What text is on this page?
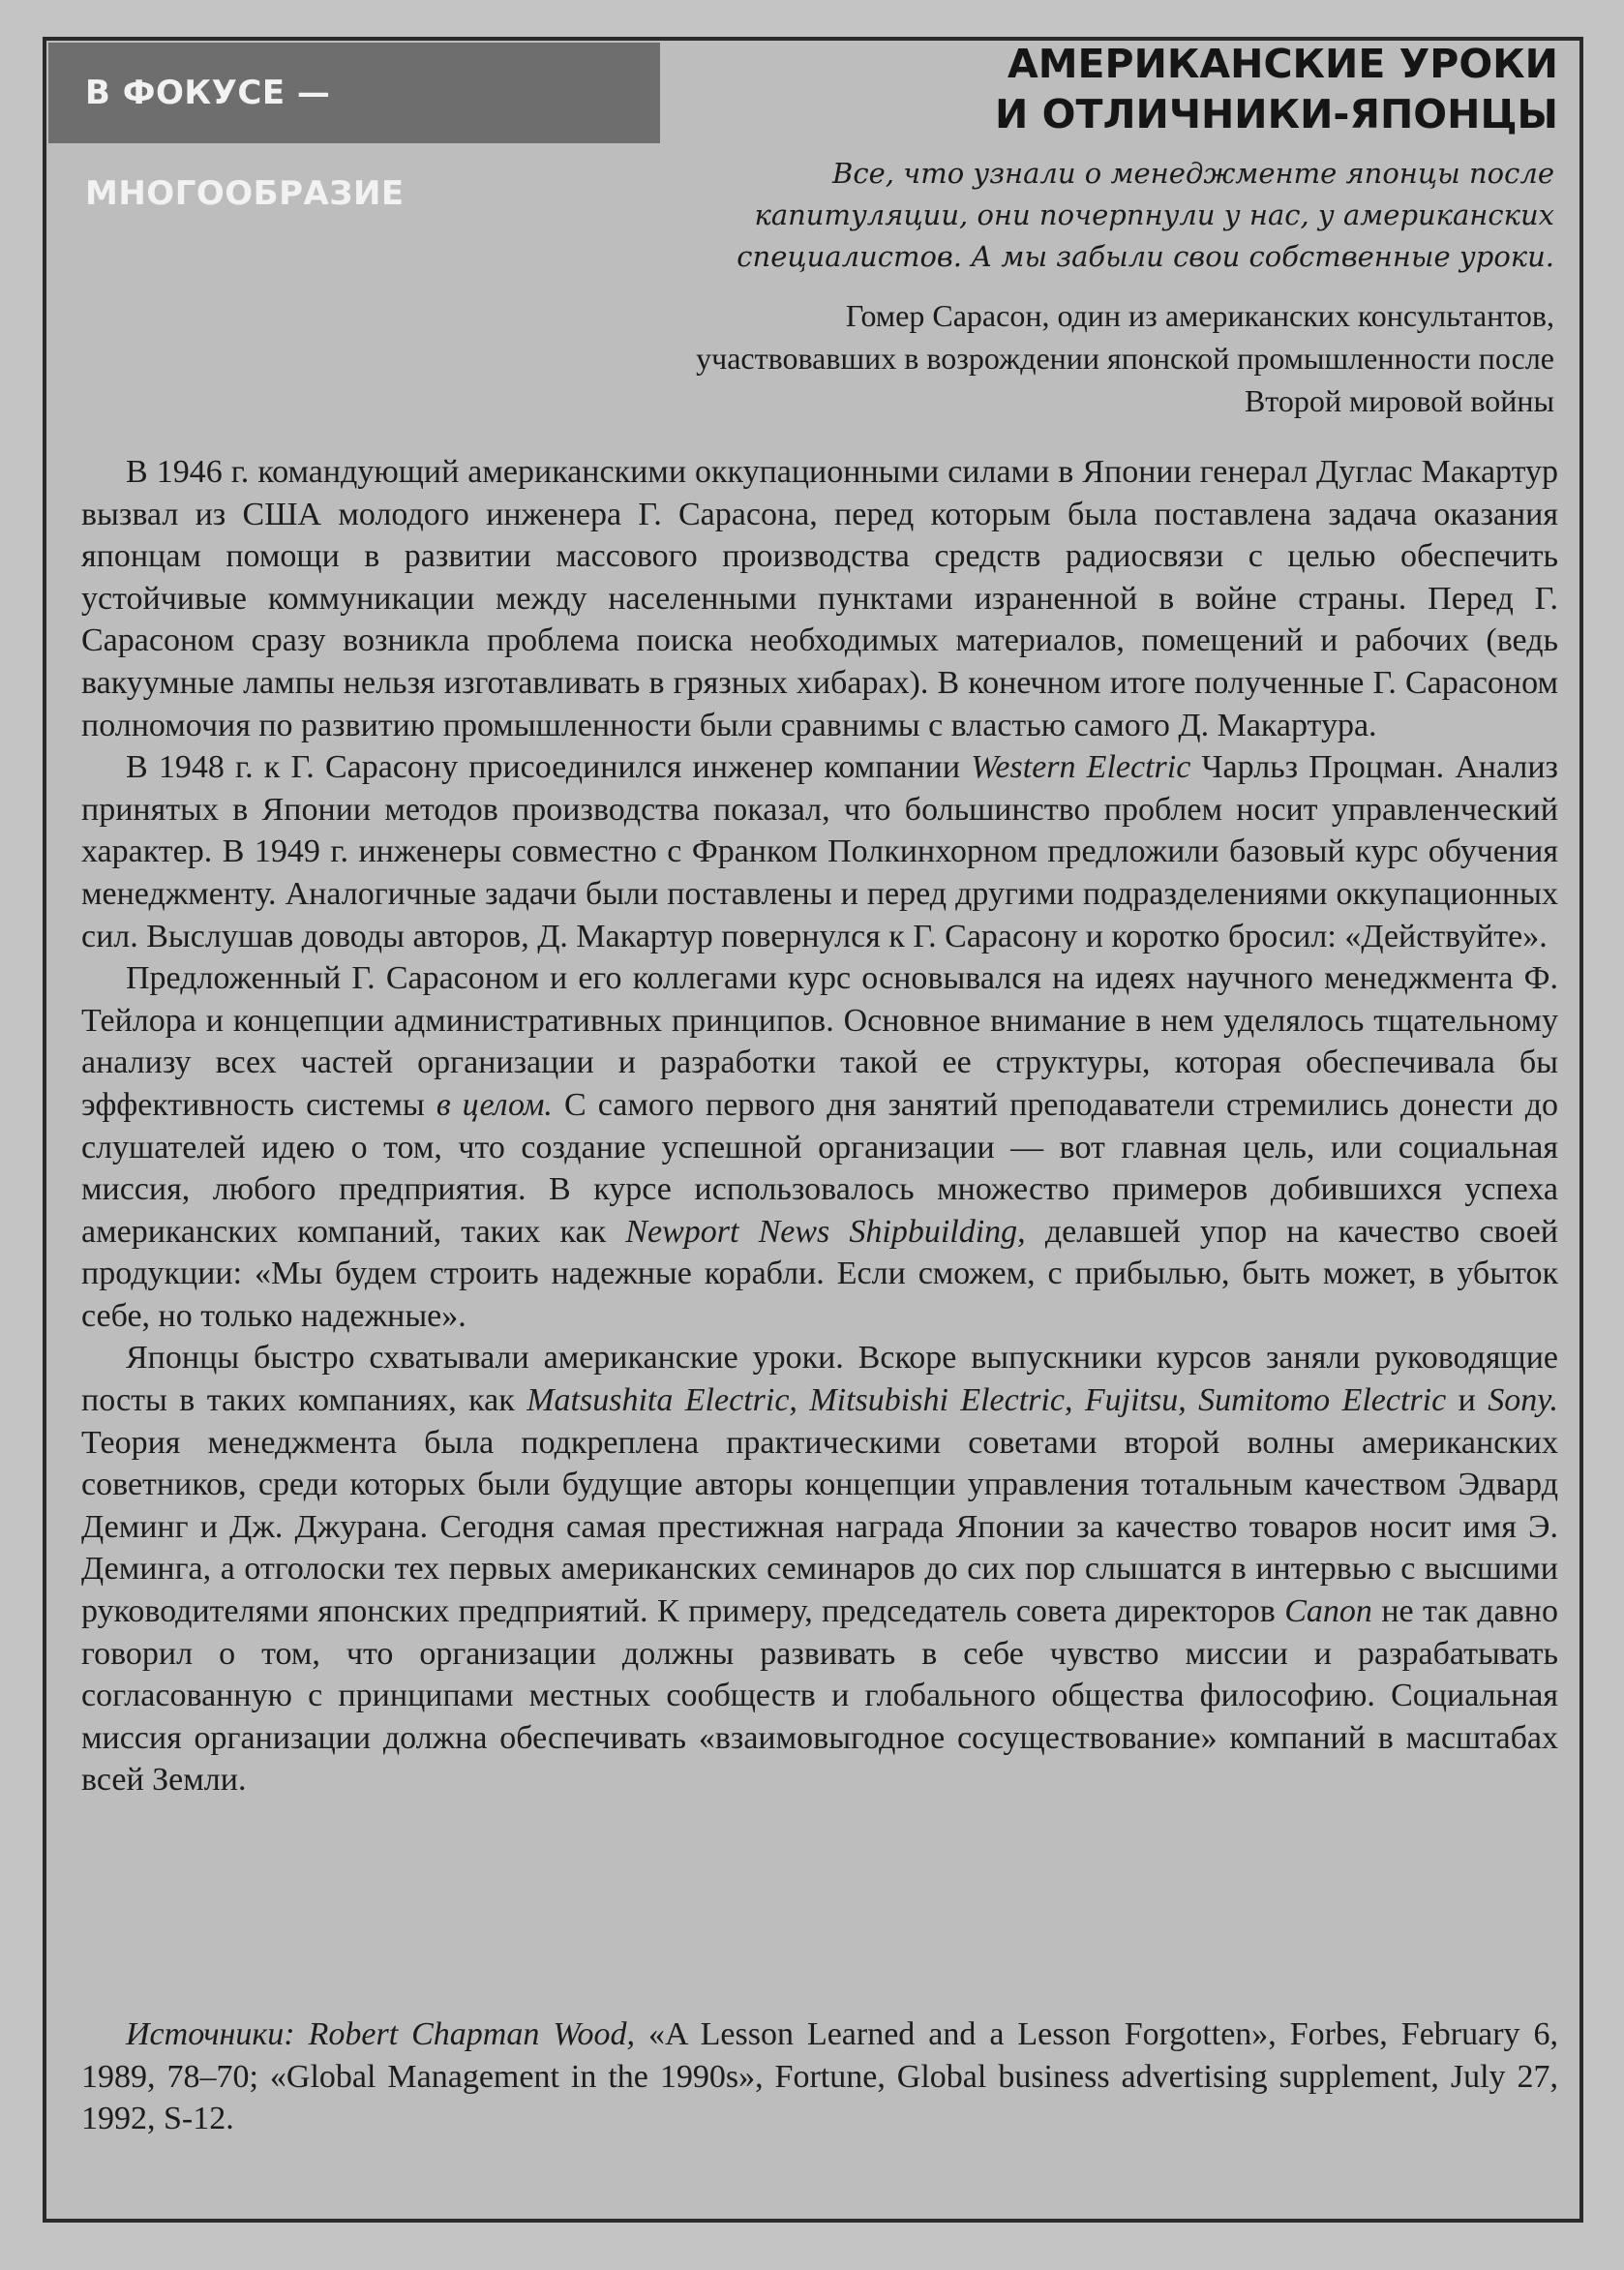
В ФОКУСЕ — МНОГООБРАЗИЕ
АМЕРИКАНСКИЕ УРОКИ
И ОТЛИЧНИКИ-ЯПОНЦЫ
Все, что узнали о менеджменте японцы после капитуляции, они почерпнули у нас, у американских специалистов. А мы забыли свои собственные уроки.
Гомер Сарасон, один из американских консультантов, участвовавших в возрождении японской промышленности после Второй мировой войны

В 1946 г. командующий американскими оккупационными силами в Японии генерал Дуглас Макартур вызвал из США молодого инженера Г. Сарасона, перед которым была поставлена задача оказания японцам помощи в развитии массового производства средств радиосвязи с целью обеспечить устойчивые коммуникации между населенными пунктами израненной в войне страны. Перед Г. Сарасоном сразу возникла проблема поиска необходимых материалов, помещений и рабочих (ведь вакуумные лампы нельзя изготавливать в грязных хибарах). В конечном итоге полученные Г. Сарасоном полномочия по развитию промышленности были сравнимы с властью самого Д. Макартура.

В 1948 г. к Г. Сарасону присоединился инженер компании Western Electric Чарльз Процман. Анализ принятых в Японии методов производства показал, что большинство проблем носит управленческий характер. В 1949 г. инженеры совместно с Франком Полкинхорном предложили базовый курс обучения менеджменту. Аналогичные задачи были поставлены и перед другими подразделениями оккупационных сил. Выслушав доводы авторов, Д. Макартур повернулся к Г. Сарасону и коротко бросил: «Действуйте».

Предложенный Г. Сарасоном и его коллегами курс основывался на идеях научного менеджмента Ф. Тейлора и концепции административных принципов. Основное внимание в нем уделялось тщательному анализу всех частей организации и разработки такой ее структуры, которая обеспечивала бы эффективность системы в целом. С самого первого дня занятий преподаватели стремились донести до слушателей идею о том, что создание успешной организации — вот главная цель, или социальная миссия, любого предприятия. В курсе использовалось множество примеров добившихся успеха американских компаний, таких как Newport News Shipbuilding, делавшей упор на качество своей продукции: «Мы будем строить надежные корабли. Если сможем, с прибылью, быть может, в убыток себе, но только надежные».

Японцы быстро схватывали американские уроки. Вскоре выпускники курсов заняли руководящие посты в таких компаниях, как Matsushita Electric, Mitsubishi Electric, Fujitsu, Sumitomo Electric и Sony. Теория менеджмента была подкреплена практическими советами второй волны американских советников, среди которых были будущие авторы концепции управления тотальным качеством Эдвард Деминг и Дж. Джурана. Сегодня самая престижная награда Японии за качество товаров носит имя Э. Деминга, а отголоски тех первых американских семинаров до сих пор слышатся в интервью с высшими руководителями японских предприятий. К примеру, председатель совета директоров Canon не так давно говорил о том, что организации должны развивать в себе чувство миссии и разрабатывать согласованную с принципами местных сообществ и глобального общества философию. Социальная миссия организации должна обеспечивать «взаимовыгодное сосуществование» компаний в масштабах всей Земли.

Источники: Robert Chapman Wood, «A Lesson Learned and a Lesson Forgotten», Forbes, February 6, 1989, 78–70; «Global Management in the 1990s», Fortune, Global business advertising supplement, July 27, 1992, S-12.
